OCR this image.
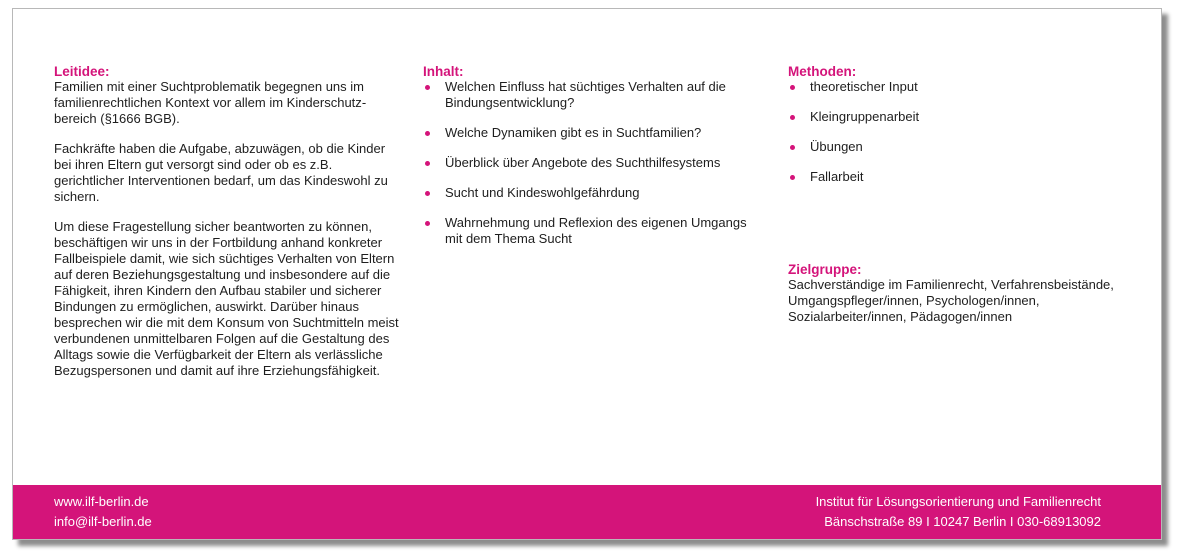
Leitidee:

Familien mit einer Suchtproblematik begegnen uns im familienrechtlichen Kontext vor allem im Kinderschutzbereich (§1666 BGB).

Fachkräfte haben die Aufgabe, abzuwägen, ob die Kinder bei ihren Eltern gut versorgt sind oder ob es z.B. gerichtlicher Interventionen bedarf, um das Kindeswohl zu sichern.

Um diese Fragestellung sicher beantworten zu können, beschäftigen wir uns in der Fortbildung anhand konkreter Fallbeispiele damit, wie sich süchtiges Verhalten von Eltern auf deren Beziehungsgestaltung und insbesondere auf die Fähigkeit, ihren Kindern den Aufbau stabiler und sicherer Bindungen zu ermöglichen, auswirkt. Darüber hinaus besprechen wir die mit dem Konsum von Suchtmitteln meist verbundenen unmittelbaren Folgen auf die Gestaltung des Alltags sowie die Verfügbarkeit der Eltern als verlässliche Bezugspersonen und damit auf ihre Erziehungsfähigkeit.

Inhalt:
Welchen Einfluss hat süchtiges Verhalten auf die Bindungsentwicklung?
Welche Dynamiken gibt es in Suchtfamilien?
Überblick über Angebote des Suchthilfesystems
Sucht und Kindeswohlgefährdung
Wahrnehmung und Reflexion des eigenen Umgangs mit dem Thema Sucht
Methoden:
theoretischer Input
Kleingruppenarbeit
Übungen
Fallarbeit
Zielgruppe:

Sachverständige im Familienrecht, Verfahrensbeistände, Umgangspfleger/innen, Psychologen/innen, Sozialarbeiter/innen, Pädagogen/innen

www.ilf-berlin.de
info@ilf-berlin.de
Institut für Lösungsorientierung und Familienrecht
Bänschstraße 89 I 10247 Berlin I 030-68913092
